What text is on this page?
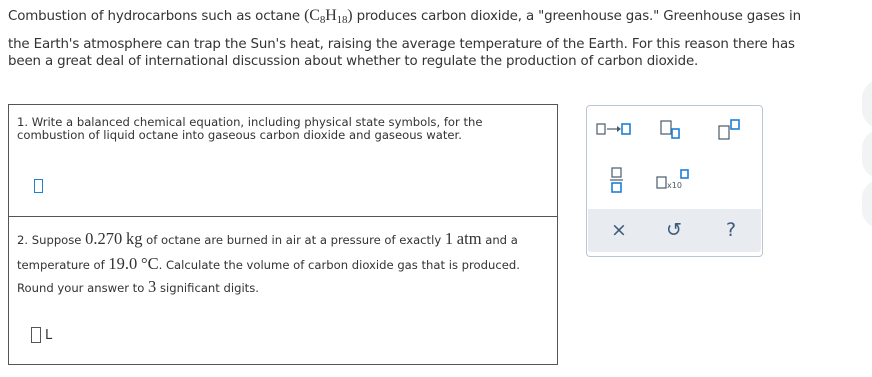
Combustion of hydrocarbons such as octane $(C_8H_{18})$ produces carbon dioxide, a "greenhouse gas." Greenhouse gases in

the Earth's atmosphere can trap the Sun's heat, raising the average temperature of the Earth. For this reason there has

been a great deal of international discussion about whether to regulate the production of carbon dioxide.

1. Write a balanced chemical equation, including physical state symbols, for the
combustion of liquid octane into gaseous carbon dioxide and gaseous water.
2. Suppose 0.270 kg of octane are burned in air at a pressure of exactly 1 atm and a
temperature of 19.0 °C. Calculate the volume of carbon dioxide gas that is produced.
Round your answer to 3 significant digits.
L
x10
× ↺ ?
